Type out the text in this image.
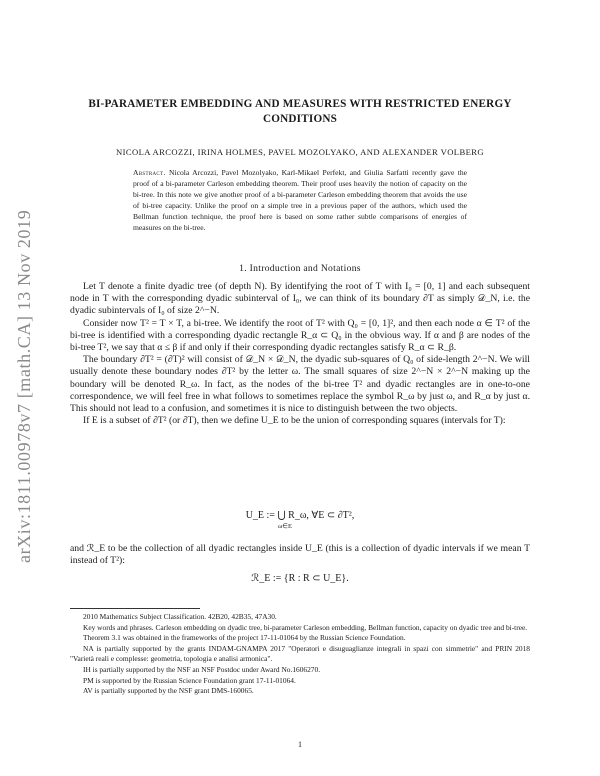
arXiv:1811.00978v7 [math.CA] 13 Nov 2019
BI-PARAMETER EMBEDDING AND MEASURES WITH RESTRICTED ENERGY CONDITIONS
NICOLA ARCOZZI, IRINA HOLMES, PAVEL MOZOLYAKO, AND ALEXANDER VOLBERG
Abstract. Nicola Arcozzi, Pavel Mozolyako, Karl-Mikael Perfekt, and Giulia Sarfatti recently gave the proof of a bi-parameter Carleson embedding theorem. Their proof uses heavily the notion of capacity on the bi-tree. In this note we give another proof of a bi-parameter Carleson embedding theorem that avoids the use of bi-tree capacity. Unlike the proof on a simple tree in a previous paper of the authors, which used the Bellman function technique, the proof here is based on some rather subtle comparisons of energies of measures on the bi-tree.
1. Introduction and Notations

Let T denote a finite dyadic tree (of depth N). By identifying the root of T with I₀ = [0, 1] and each subsequent node in T with the corresponding dyadic subinterval of I₀, we can think of its boundary ∂T as simply 𝒟_N, i.e. the dyadic subintervals of I₀ of size 2^−N.

Consider now T² = T × T, a bi-tree. We identify the root of T² with Q₀ = [0, 1]², and then each node α ∈ T² of the bi-tree is identified with a corresponding dyadic rectangle R_α ⊂ Q₀ in the obvious way. If α and β are nodes of the bi-tree T², we say that α ≤ β if and only if their corresponding dyadic rectangles satisfy R_α ⊂ R_β.

The boundary ∂T² = (∂T)² will consist of 𝒟_N × 𝒟_N, the dyadic sub-squares of Q₀ of side-length 2^−N. We will usually denote these boundary nodes ∂T² by the letter ω. The small squares of size 2^−N × 2^−N making up the boundary will be denoted R_ω. In fact, as the nodes of the bi-tree T² and dyadic rectangles are in one-to-one correspondence, we will feel free in what follows to sometimes replace the symbol R_ω by just ω, and R_α by just α. This should not lead to a confusion, and sometimes it is nice to distinguish between the two objects.

If E is a subset of ∂T² (or ∂T), then we define U_E to be the union of corresponding squares (intervals for T):

U_E := ⋃ R_ω, ∀E ⊂ ∂T²,
ω∈E

and ℛ_E to be the collection of all dyadic rectangles inside U_E (this is a collection of dyadic intervals if we mean T instead of T²):

ℛ_E := {R : R ⊂ U_E}.

2010 Mathematics Subject Classification. 42B20, 42B35, 47A30.

Key words and phrases. Carleson embedding on dyadic tree, bi-parameter Carleson embedding, Bellman function, capacity on dyadic tree and bi-tree.

Theorem 3.1 was obtained in the frameworks of the project 17-11-01064 by the Russian Science Foundation.

NA is partially supported by the grants INDAM-GNAMPA 2017 "Operatori e disuguaglianze integrali in spazi con simmetrie" and PRIN 2018 "Varietà reali e complesse: geometria, topologia e analisi armonica".

IH is partially supported by the NSF an NSF Postdoc under Award No.1606270.

PM is supported by the Russian Science Foundation grant 17-11-01064.

AV is partially supported by the NSF grant DMS-160065.

1
